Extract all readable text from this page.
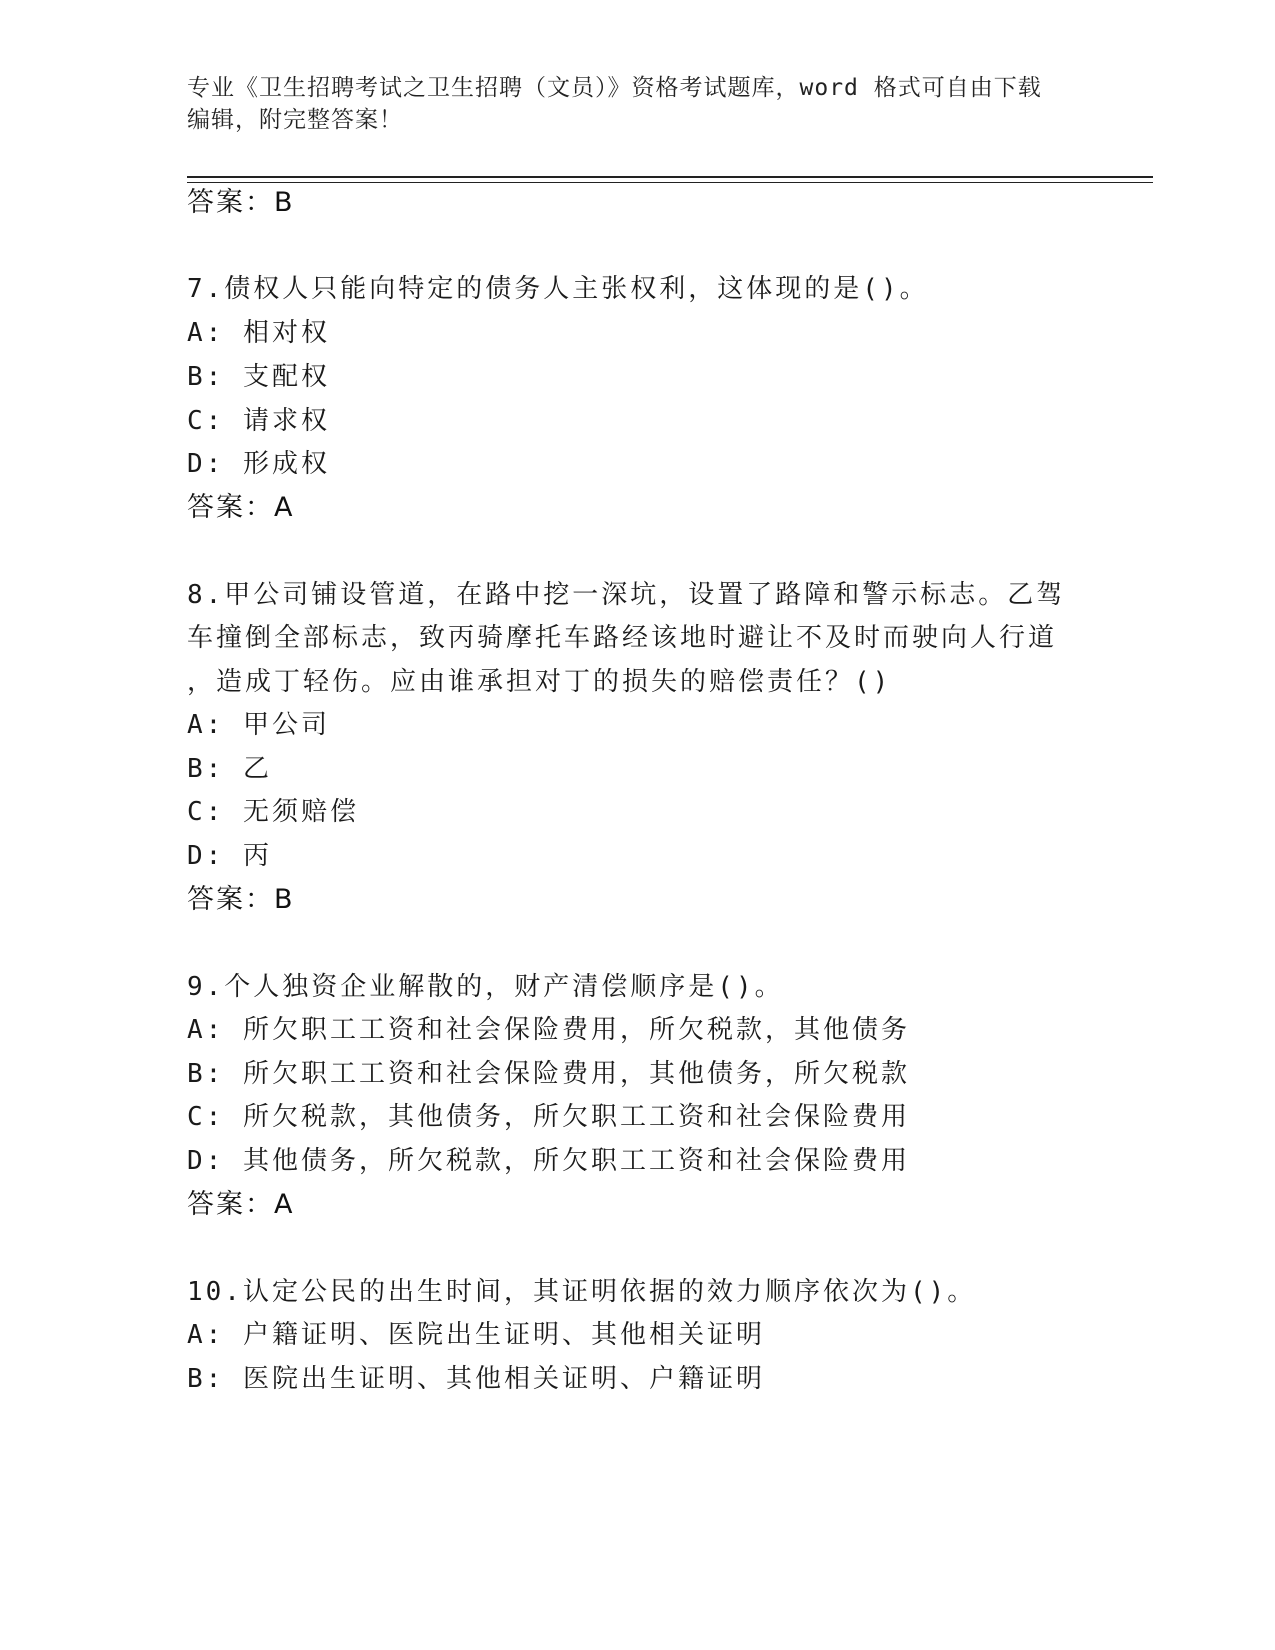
专业《卫生招聘考试之卫生招聘（文员）》资格考试题库，word 格式可自由下载
编辑，附完整答案！
答案：B
7.债权人只能向特定的债务人主张权利，这体现的是()。
A: 相对权
B: 支配权
C: 请求权
D: 形成权
答案：A
8.甲公司铺设管道，在路中挖一深坑，设置了路障和警示标志。乙驾
车撞倒全部标志，致丙骑摩托车路经该地时避让不及时而驶向人行道
，造成丁轻伤。应由谁承担对丁的损失的赔偿责任？()
A: 甲公司
B: 乙
C: 无须赔偿
D: 丙
答案：B
9.个人独资企业解散的，财产清偿顺序是()。
A: 所欠职工工资和社会保险费用，所欠税款，其他债务
B: 所欠职工工资和社会保险费用，其他债务，所欠税款
C: 所欠税款，其他债务，所欠职工工资和社会保险费用
D: 其他债务，所欠税款，所欠职工工资和社会保险费用
答案：A
10.认定公民的出生时间，其证明依据的效力顺序依次为()。
A: 户籍证明、医院出生证明、其他相关证明
B: 医院出生证明、其他相关证明、户籍证明
